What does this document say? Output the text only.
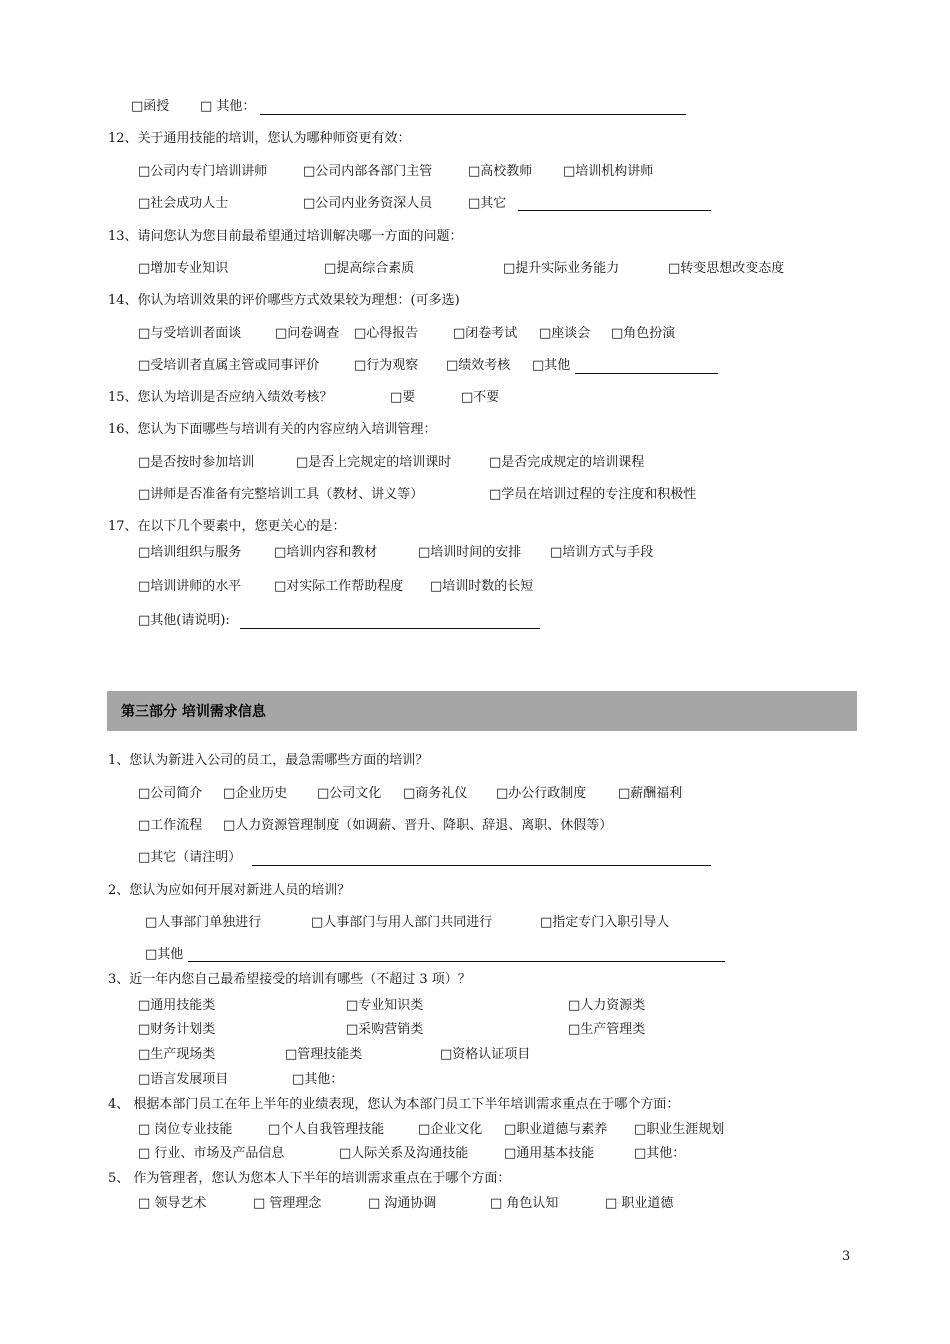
□函授 □ 其他：
12、关于通用技能的培训，您认为哪种师资更有效：
□公司内专门培训讲师	□公司内部各部门主管	□高校教师 □培训机构讲师
□社会成功人士	□公司内业务资深人员	□其它
13、请问您认为您目前最希望通过培训解决哪一方面的问题：
□增加专业知识	□提高综合素质	□提升实际业务能力	□转变思想改变态度
14、你认为培训效果的评价哪些方式效果较为理想：(可多选)
□与受培训者面谈	□问卷调查 □心得报告	□闭卷考试 □座谈会 □角色扮演
□受培训者直属主管或同事评价	□行为观察 □绩效考核 □其他
15、您认为培训是否应纳入绩效考核？	□要	□不要
16、您认为下面哪些与培训有关的内容应纳入培训管理：
□是否按时参加培训	□是否上完规定的培训课时	□是否完成规定的培训课程
□讲师是否准备有完整培训工具（教材、讲义等）	□学员在培训过程的专注度和积极性
17、在以下几个要素中，您更关心的是：
□培训组织与服务	□培训内容和教材	□培训时间的安排 □培训方式与手段
□培训讲师的水平	□对实际工作帮助程度 □培训时数的长短
□其他(请说明):
第三部分 培训需求信息
1、您认为新进入公司的员工，最急需哪些方面的培训？
□公司简介 □企业历史 □公司文化 □商务礼仪 □办公行政制度 □薪酬福利
□工作流程 □人力资源管理制度（如调薪、晋升、降职、辞退、离职、休假等）
□其它（请注明）
2、您认为应如何开展对新进人员的培训？
□人事部门单独进行	□人事部门与用人部门共同进行	□指定专门入职引导人
□其他
3、近一年内您自己最希望接受的培训有哪些（不超过 3 项）？
□通用技能类	□专业知识类	□人力资源类
□财务计划类	□采购营销类	□生产管理类
□生产现场类	□管理技能类	□资格认证项目
□语言发展项目	□其他：
4、 根据本部门员工在年上半年的业绩表现，您认为本部门员工下半年培训需求重点在于哪个方面：
□ 岗位专业技能	□个人自我管理技能	□企业文化 □职业道德与素养 □职业生涯规划
□ 行业、市场及产品信息	□人际关系及沟通技能	□通用基本技能	□其他：
5、 作为管理者，您认为您本人下半年的培训需求重点在于哪个方面：
□ 领导艺术	□ 管理理念	□ 沟通协调	□ 角色认知	□ 职业道德
3
